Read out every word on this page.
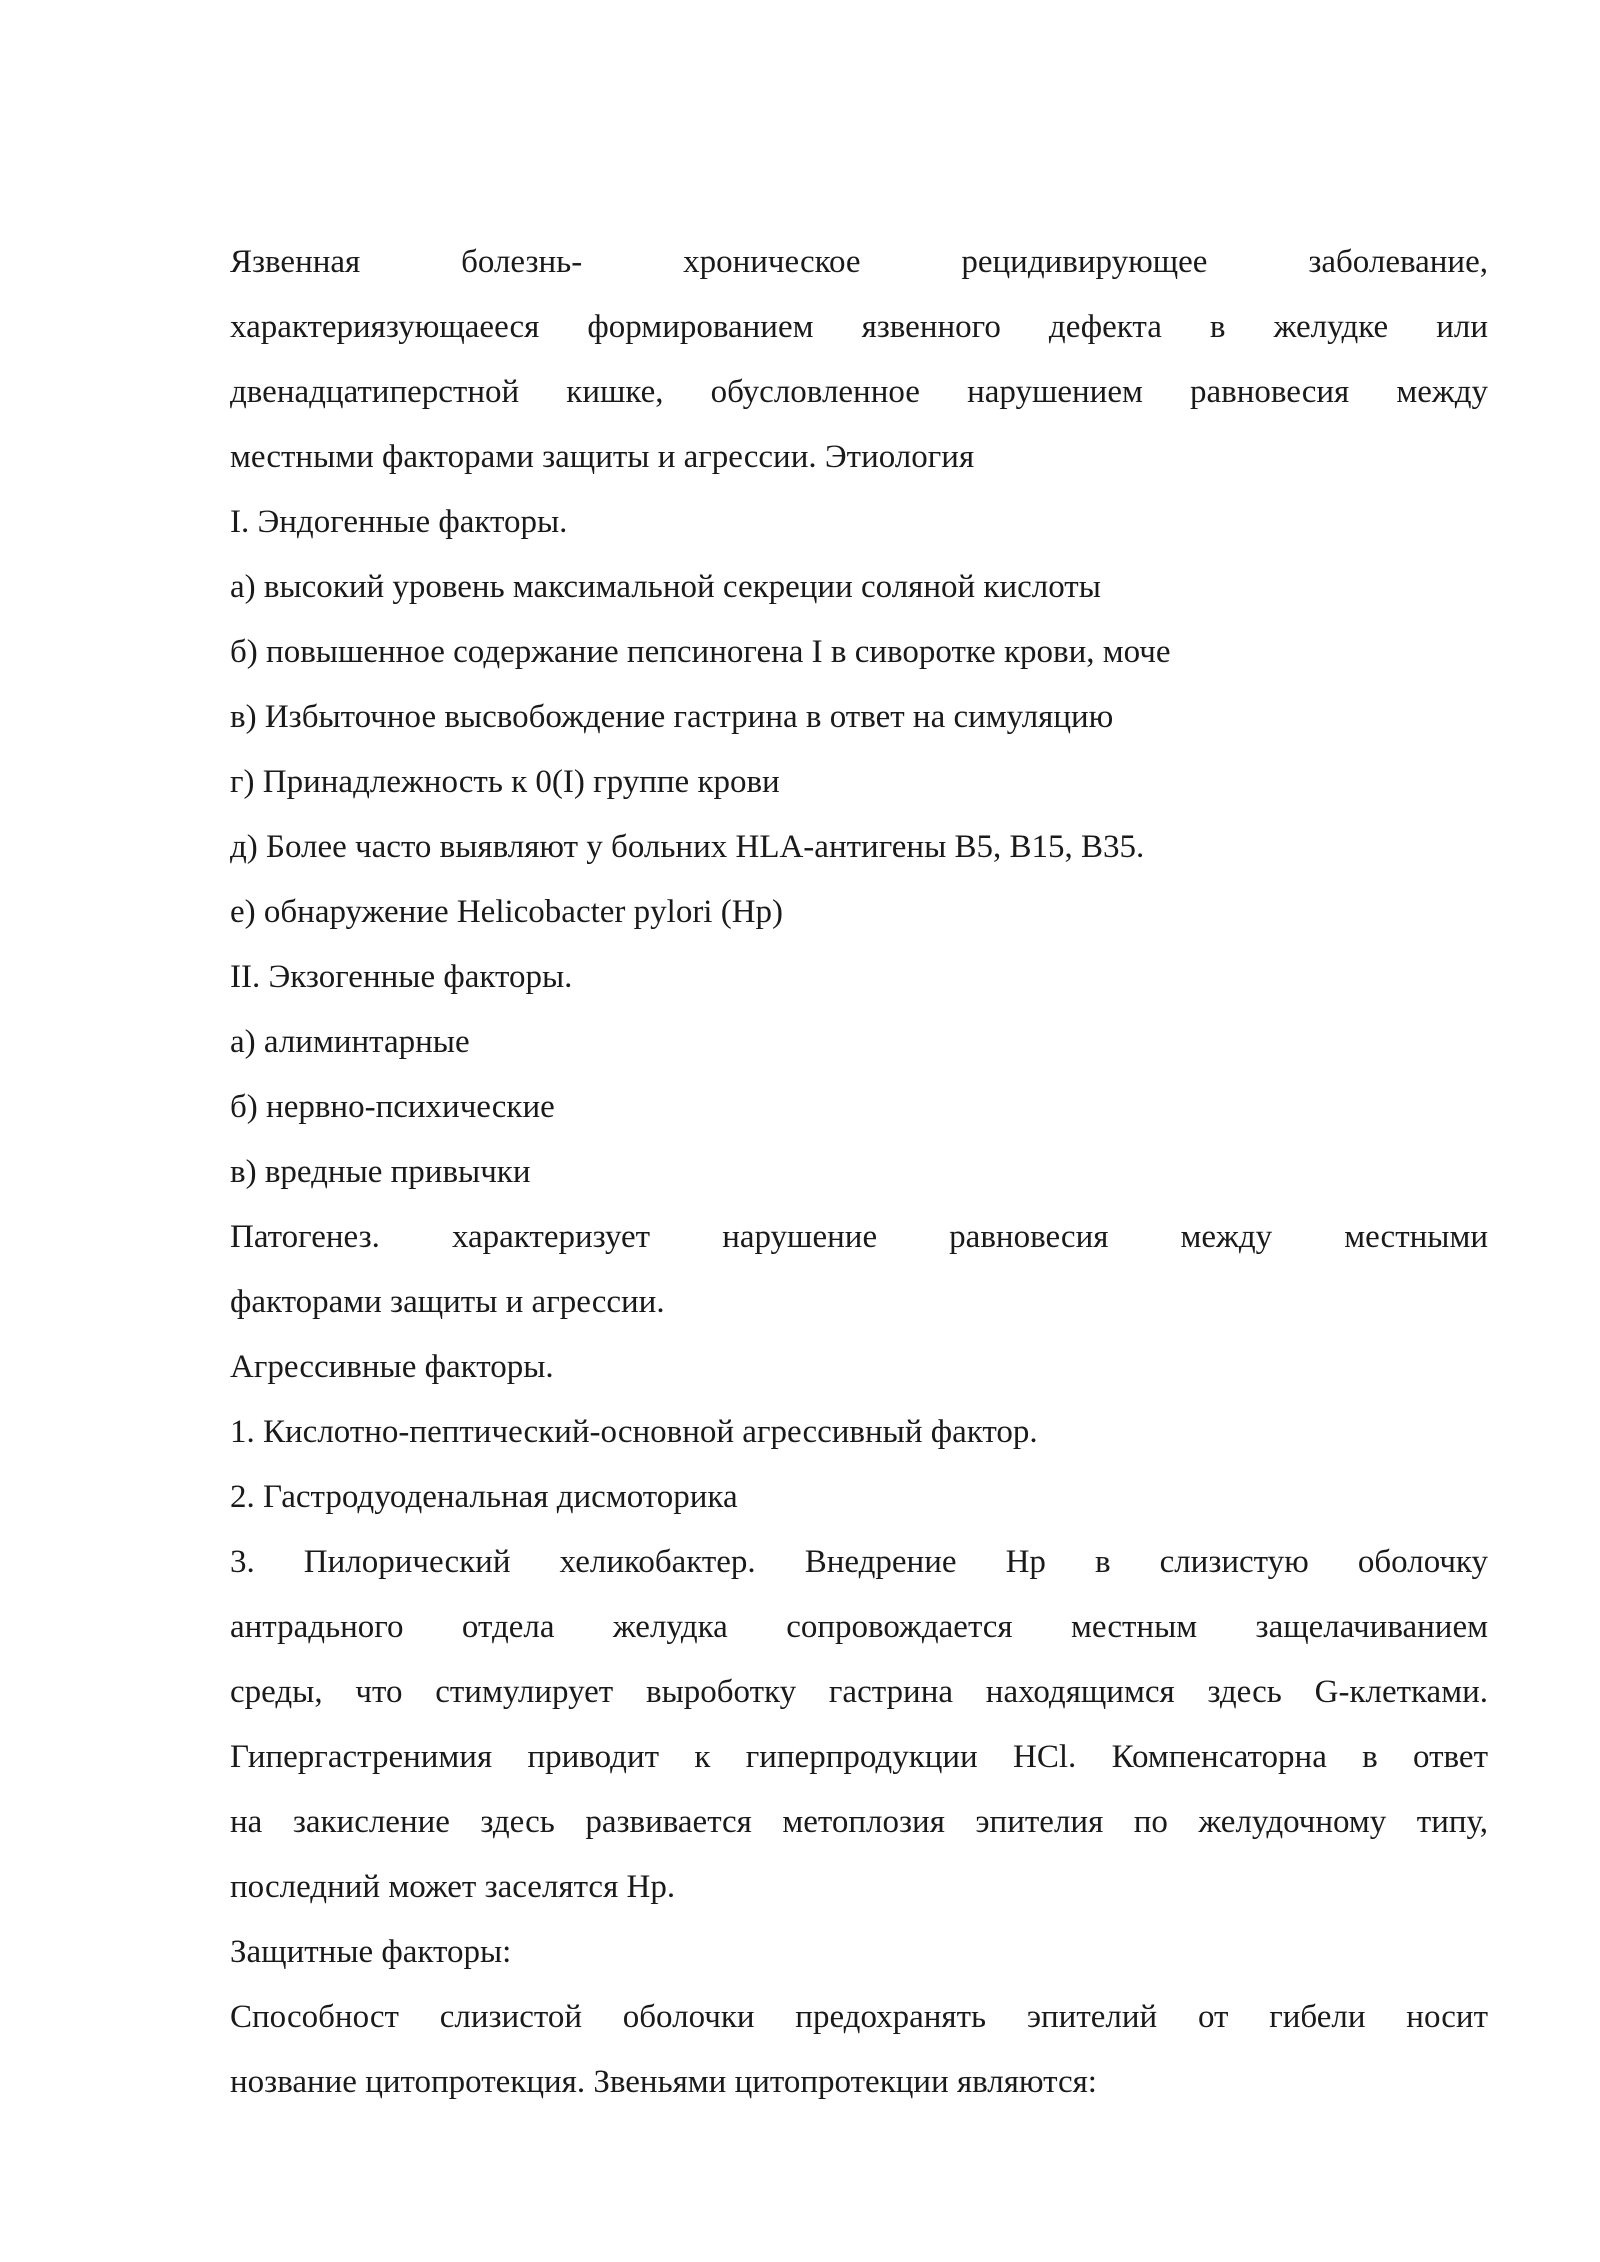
Язвенная болезнь- хроническое рецидивирующее заболевание,

характериязующаееся формированием язвенного дефекта в желудке или

двенадцатиперстной кишке, обусловленное нарушением равновесия между

местными факторами защиты и агрессии. Этиология

I. Эндогенные факторы.

а) высокий уровень максимальной секреции соляной кислоты

б) повышенное содержание пепсиногена I в сиворотке крови, моче

в) Избыточное высвобождение гастрина в ответ на симуляцию

г) Принадлежность к 0(I) группе крови

д) Более часто выявляют у больних HLA-антигены В5, В15, В35.

е) обнаружение Helicobacter pylori (Hp)

II. Экзогенные факторы.

а) алиминтарные

б) нервно-психические

в) вредные привычки

Патогенез. характеризует нарушение равновесия между местными

факторами защиты и агрессии.

Агрессивные факторы.

1. Кислотно-пептический-основной агрессивный фактор.

2. Гастродуоденальная дисмоторика

3. Пилорический хеликобактер. Внедрение Hp в слизистую оболочку

антрадьного отдела желудка сопровождается местным защелачиванием

среды, что стимулирует выроботку гастрина находящимся здесь G-клетками.

Гипергастренимия приводит к гиперпродукции HCl. Компенсаторна в ответ

на закисление здесь развивается метоплозия эпителия по желудочному типу,

последний может заселятся Hp.

Защитные факторы:

Способност слизистой оболочки предохранять эпителий от гибели носит

нозвание цитопротекция. Звеньями цитопротекции являются:
